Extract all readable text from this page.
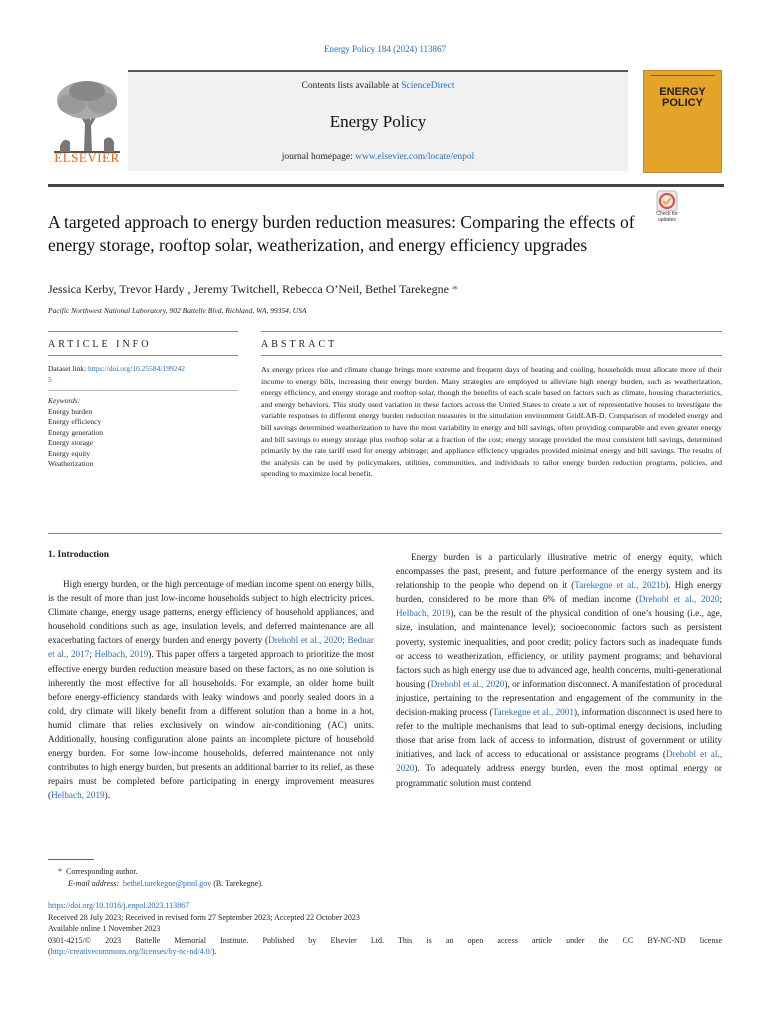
Energy Policy 184 (2024) 113867
ELSEVIER
Contents lists available at ScienceDirect
Energy Policy
journal homepage: www.elsevier.com/locate/enpol
ENERGY
POLICY
Check for
updates
A targeted approach to energy burden reduction measures: Comparing the effects of energy storage, rooftop solar, weatherization, and energy efficiency upgrades
Jessica Kerby, Trevor Hardy , Jeremy Twitchell, Rebecca O’Neil, Bethel Tarekegne *
Pacific Northwest National Laboratory, 902 Battelle Blvd, Richland, WA, 99354, USA
ARTICLE INFO	ABSTRACT
Dataset link: https://doi.org/10.25584/199242
5
Keywords:
Energy burden
Energy efficiency
Energy generation
Energy storage
Energy equity
Weatherization
As energy prices rise and climate change brings more extreme and frequent days of heating and cooling, households must allocate more of their income to energy bills, increasing their energy burden. Many strategies are employed to alleviate high energy burden, such as weatherization, energy efficiency, and energy storage and rooftop solar, though the benefits of each scale based on factors such as climate, housing characteristics, and energy behaviors. This study used variation in these factors across the United States to create a set of representative houses to investigate the variable responses to different energy burden reduction measures in the simulation environment GridLAB-D. Comparison of modeled energy and bill savings determined weatherization to have the most variability in energy and bill savings, often providing comparable and even greater energy and bill savings to energy storage plus rooftop solar at a fraction of the cost; energy storage provided the most consistent bill savings, determined primarily by the rate tariff used for energy arbitrage; and appliance efficiency upgrades provided minimal energy and bill savings. The results of the analysis can be used by policymakers, utilities, communities, and individuals to tailor energy burden reduction programs, policies, and spending to maximize local benefit.
1. Introduction
High energy burden, or the high percentage of median income spent on energy bills, is the result of more than just low-income households subject to high electricity prices. Climate change, energy usage patterns, energy efficiency of household appliances, and household conditions such as age, insulation levels, and deferred maintenance are all exacerbating factors of energy burden and energy poverty (Drehobl et al., 2020; Bednar et al., 2017; Helbach, 2019). This paper offers a targeted approach to prioritize the most effective energy burden reduction measure based on these factors, as no one solution is inherently the most effective for all households. For example, an older home built before energy-efficiency standards with leaky windows and poorly sealed doors in a cold, dry climate will likely benefit from a different solution than a home in a hot, humid climate that relies exclusively on window air-conditioning (AC) units. Additionally, housing configuration alone paints an incomplete picture of household energy burden. For some low-income households, deferred maintenance not only contributes to high energy burden, but presents an additional barrier to its relief, as these repairs must be completed before participating in energy improvement measures (Helbach, 2019).
Energy burden is a particularly illustrative metric of energy equity, which encompasses the past, present, and future performance of the energy system and its relationship to the people who depend on it (Tarekegne et al., 2021b). High energy burden, considered to be more than 6% of median income (Drehobl et al., 2020; Helbach, 2019), can be the result of the physical condition of one’s housing (i.e., age, size, insulation, and maintenance level); socioeconomic factors such as persistent poverty, systemic inequalities, and poor credit; policy factors such as inadequate funds or access to weatherization, efficiency, or utility payment programs; and behavioral factors such as high energy use due to advanced age, health concerns, multi-generational housing (Drehobl et al., 2020), or information disconnect. A manifestation of procedural injustice, pertaining to the representation and engagement of the community in the decision-making process (Tarekegne et al., 2001), information disconnect is used here to refer to the multiple mechanisms that lead to sub-optimal energy decisions, including those that arise from lack of access to information, distrust of government or utility initiatives, and lack of access to educational or assistance programs (Drehobl et al., 2020). To adequately address energy burden, even the most optimal energy or programmatic solution must contend
* Corresponding author.
E-mail address: bethel.tarekegne@pnnl.gov (B. Tarekegne).
https://doi.org/10.1016/j.enpol.2023.113867
Received 28 July 2023; Received in revised form 27 September 2023; Accepted 22 October 2023
Available online 1 November 2023
0301-4215/© 2023 Battelle Memorial Institute. Published by Elsevier Ltd. This is an open access article under the CC BY-NC-ND license
(http://creativecommons.org/licenses/by-nc-nd/4.0/).
